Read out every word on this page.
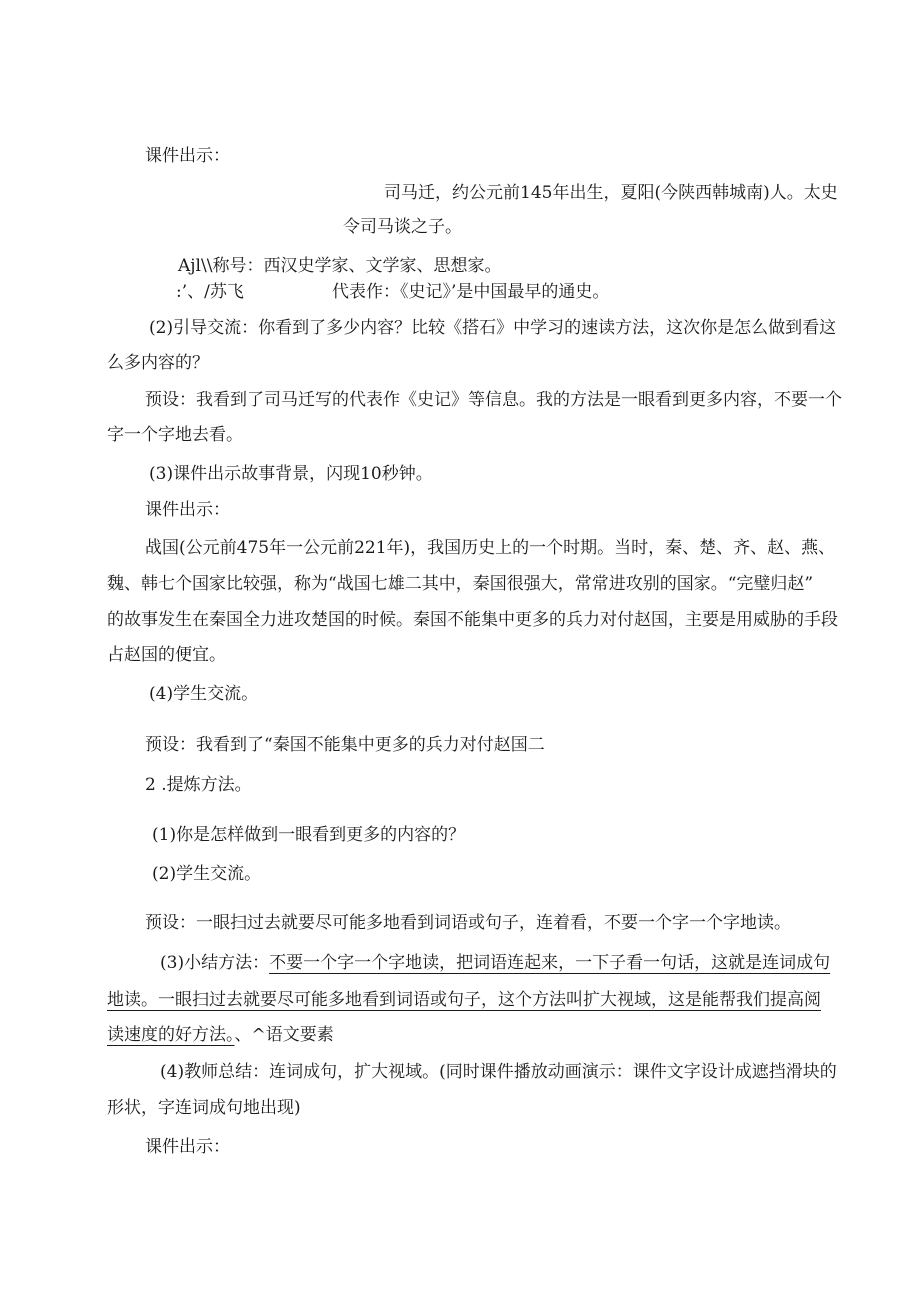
课件出示：
司马迁，约公元前145年出生，夏阳(今陕西韩城南)人。太史
令司马谈之子。
Ajl\\称号：西汉史学家、文学家、思想家。
:’、/苏飞	代表作：《史记》’是中国最早的通史。
(2)引导交流：你看到了多少内容？比较《搭石》中学习的速读方法，这次你是怎么做到看这
么多内容的？
预设：我看到了司马迁写的代表作《史记》等信息。我的方法是一眼看到更多内容，不要一个
字一个字地去看。
(3)课件出示故事背景，闪现10秒钟。
课件出示：
战国(公元前475年一公元前221年)，我国历史上的一个时期。当时，秦、楚、齐、赵、燕、
魏、韩七个国家比较强，称为“战国七雄二其中，秦国很强大，常常进攻别的国家。“完璧归赵”
的故事发生在秦国全力进攻楚国的时候。秦国不能集中更多的兵力对付赵国，主要是用威胁的手段
占赵国的便宜。
(4)学生交流。
预设：我看到了“秦国不能集中更多的兵力对付赵国二
2 .提炼方法。
(1)你是怎样做到一眼看到更多的内容的？
(2)学生交流。
预设：一眼扫过去就要尽可能多地看到词语或句子，连着看，不要一个字一个字地读。
(3)小结方法：不要一个字一个字地读，把词语连起来，一下子看一句话，这就是连词成句
地读。一眼扫过去就要尽可能多地看到词语或句子，这个方法叫扩大视域，这是能帮我们提高阅
读速度的好方法。、^语文要素
(4)教师总结：连词成句，扩大视域。(同时课件播放动画演示：课件文字设计成遮挡滑块的
形状，字连词成句地出现)
课件出示：
